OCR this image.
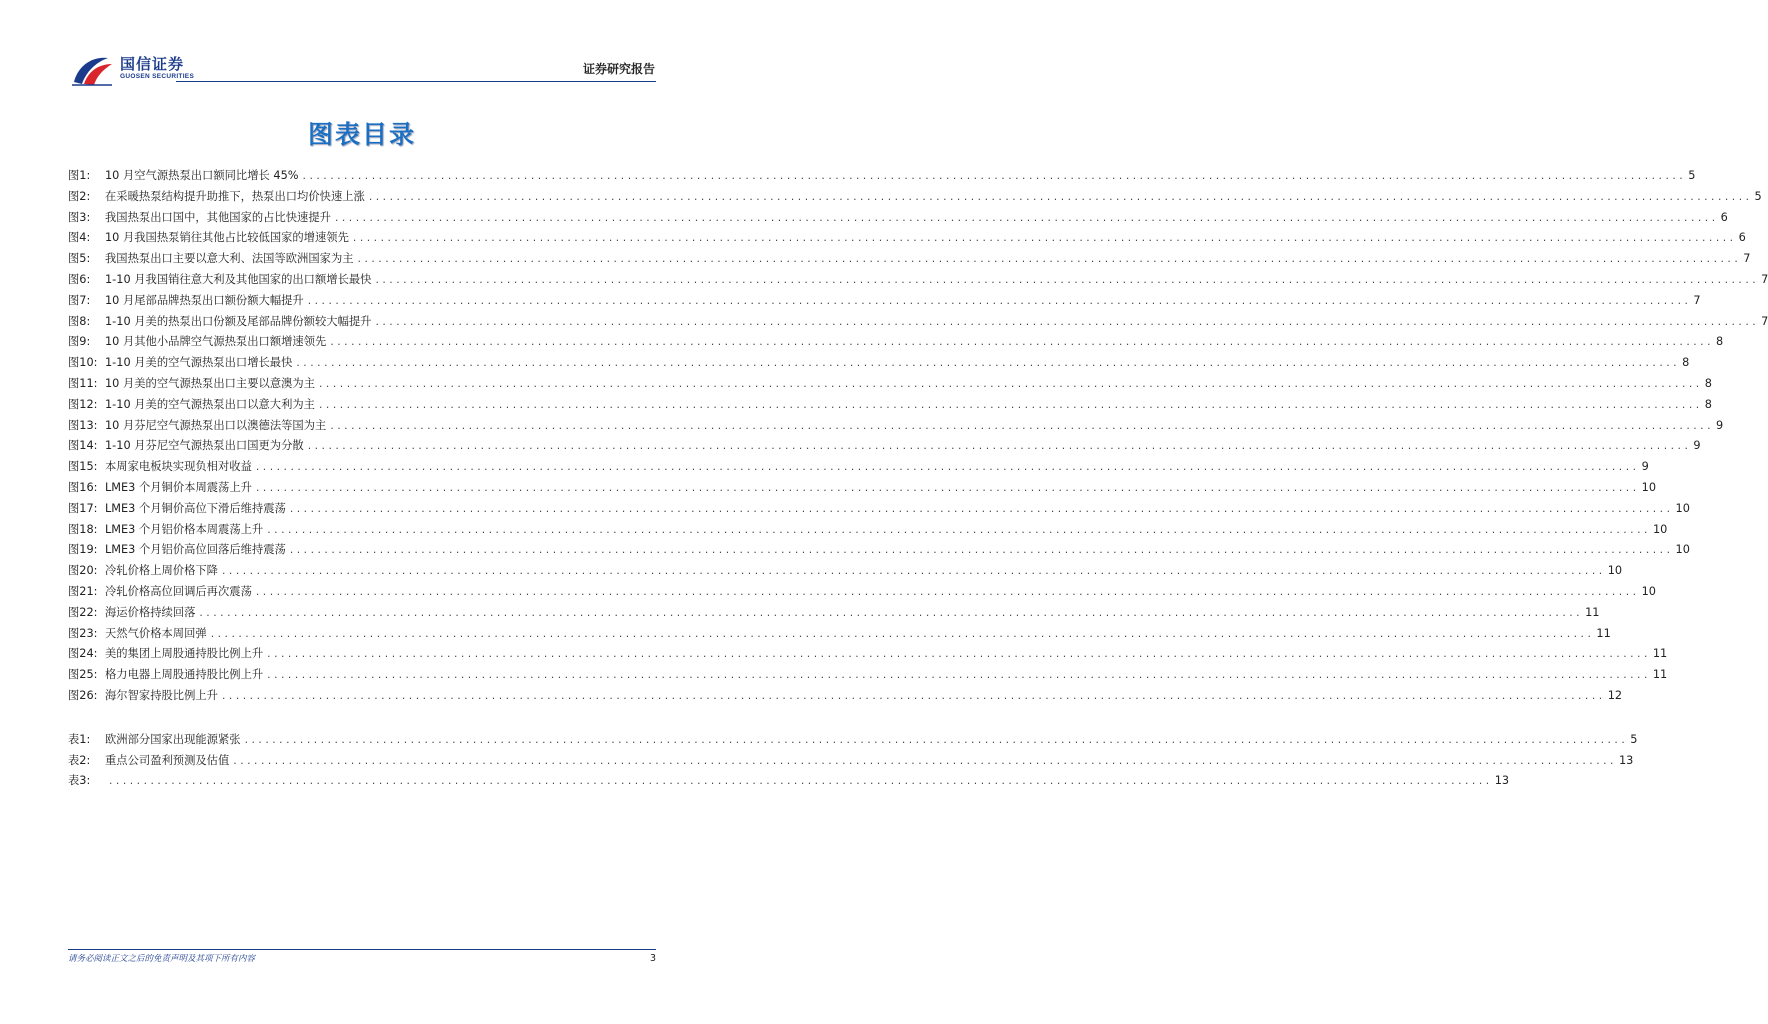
国信证券
GUOSEN SECURITIES
证券研究报告
图表目录
图1:	10 月空气源热泵出口额同比增长 45% ........................................................................................................................................................................................................ 5
图2:	在采暖热泵结构提升助推下，热泵出口均价快速上涨 ........................................................................................................................................................................................................ 5
图3:	我国热泵出口国中，其他国家的占比快速提升 ........................................................................................................................................................................................................ 6
图4:	10 月我国热泵销往其他占比较低国家的增速领先 ........................................................................................................................................................................................................ 6
图5:	我国热泵出口主要以意大利、法国等欧洲国家为主 ........................................................................................................................................................................................................ 7
图6:	1-10 月我国销往意大利及其他国家的出口额增长最快 ........................................................................................................................................................................................................ 7
图7:	10 月尾部品牌热泵出口额份额大幅提升 ........................................................................................................................................................................................................ 7
图8:	1-10 月美的热泵出口份额及尾部品牌份额较大幅提升 ........................................................................................................................................................................................................ 7
图9:	10 月其他小品牌空气源热泵出口额增速领先 ........................................................................................................................................................................................................ 8
图10: 1-10 月美的空气源热泵出口增长最快 ........................................................................................................................................................................................................ 8
图11: 10 月美的空气源热泵出口主要以意澳为主 ........................................................................................................................................................................................................ 8
图12: 1-10 月美的空气源热泵出口以意大利为主 ........................................................................................................................................................................................................ 8
图13: 10 月芬尼空气源热泵出口以澳德法等国为主 ........................................................................................................................................................................................................ 9
图14: 1-10 月芬尼空气源热泵出口国更为分散 ........................................................................................................................................................................................................ 9
图15: 本周家电板块实现负相对收益 ........................................................................................................................................................................................................ 9
图16: LME3 个月铜价本周震荡上升 ........................................................................................................................................................................................................ 10
图17: LME3 个月铜价高位下滑后维持震荡 ........................................................................................................................................................................................................ 10
图18: LME3 个月铝价格本周震荡上升 ........................................................................................................................................................................................................ 10
图19: LME3 个月铝价高位回落后维持震荡 ........................................................................................................................................................................................................ 10
图20: 冷轧价格上周价格下降 ........................................................................................................................................................................................................ 10
图21: 冷轧价格高位回调后再次震荡 ........................................................................................................................................................................................................ 10
图22: 海运价格持续回落 ........................................................................................................................................................................................................ 11
图23: 天然气价格本周回弹 ........................................................................................................................................................................................................ 11
图24: 美的集团上周股通持股比例上升 ........................................................................................................................................................................................................ 11
图25: 格力电器上周股通持股比例上升 ........................................................................................................................................................................................................ 11
图26: 海尔智家持股比例上升 ........................................................................................................................................................................................................ 12
表1:	欧洲部分国家出现能源紧张 ........................................................................................................................................................................................................ 5
表2:	重点公司盈利预测及估值 ........................................................................................................................................................................................................ 13
表3:	........................................................................................................................................................................................................ 13
请务必阅读正文之后的免责声明及其项下所有内容	3
